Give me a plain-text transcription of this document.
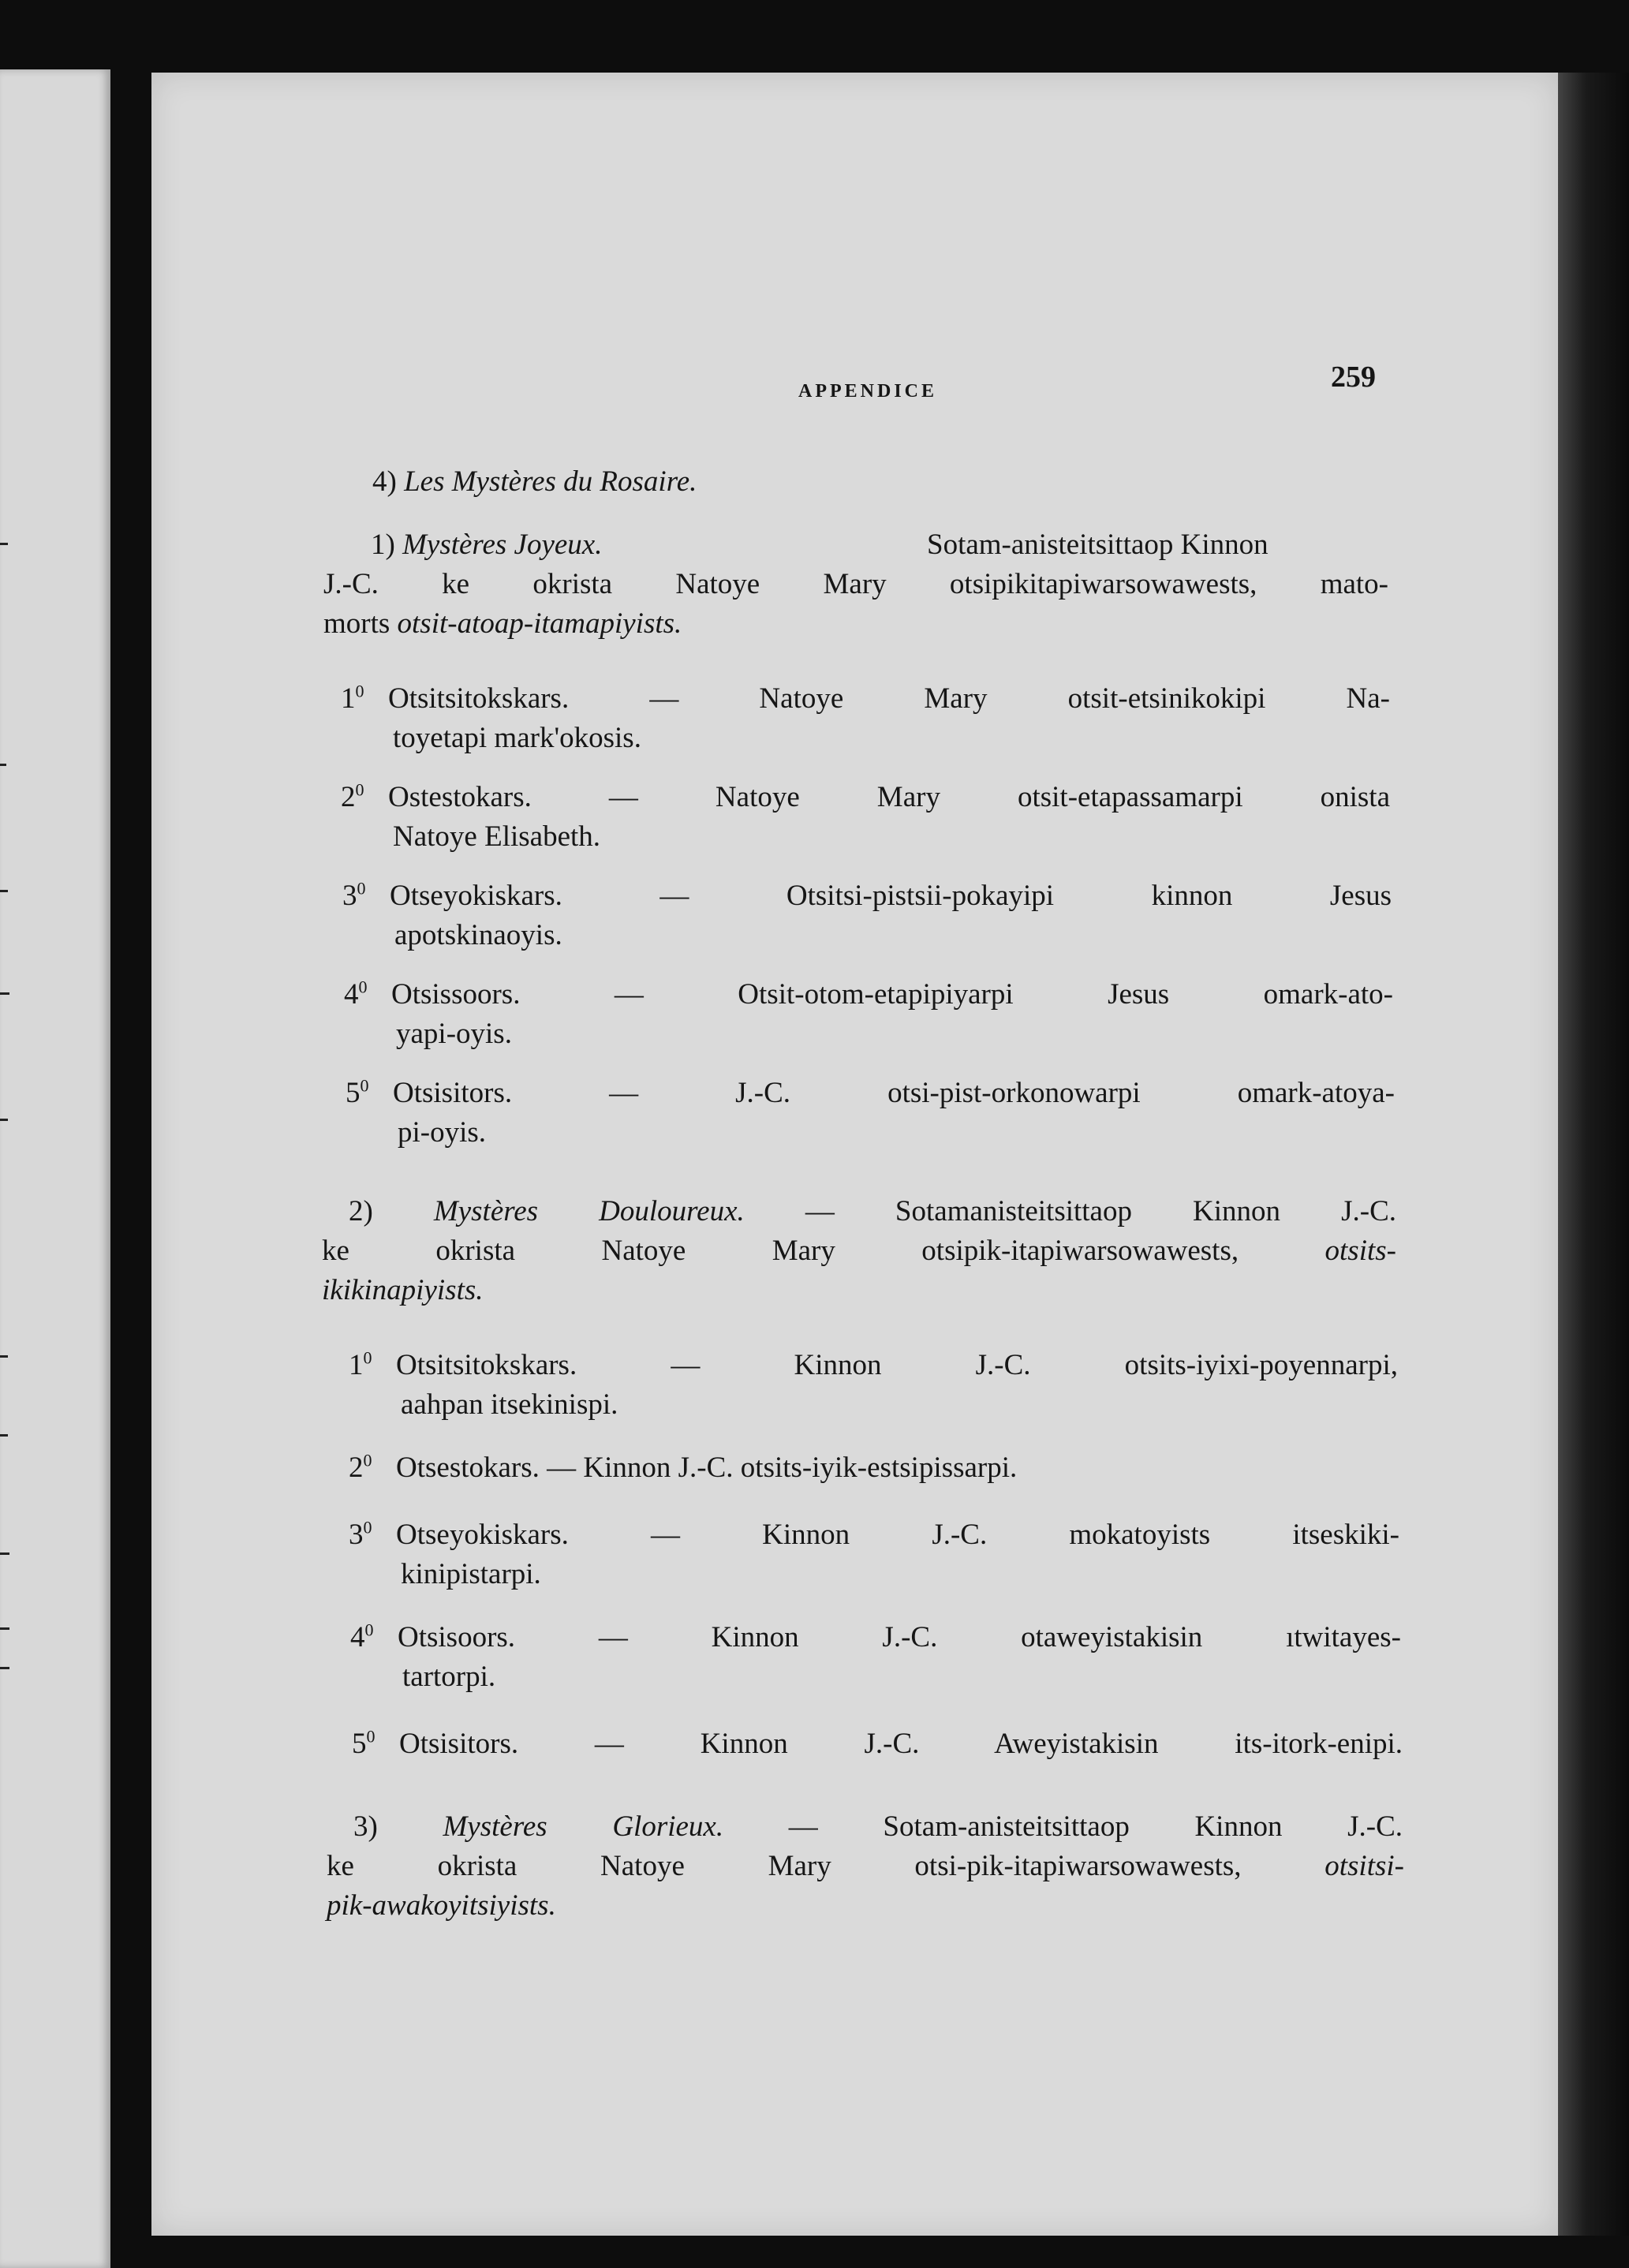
APPENDICE	259
4) Les Mystères du Rosaire.
1) Mystères Joyeux.	Sotam-anisteitsittaop Kinnon
J.-C. ke okrista Natoye Mary otsipikitapiwarsowawests, mato-
morts otsit-atoap-itamapiyists.
$1^0$ Otsitsitokskars. — Natoye Mary otsit-etsinikokipi Na-
toyetapi mark'okosis.
$2^0$ Ostestokars. — Natoye Mary otsit-etapassamarpi onista
Natoye Elisabeth.
$3^0$ Otseyokiskars. — Otsitsi-pistsii-pokayipi kinnon Jesus
apotskinaoyis.
$4^0$ Otsissoors. — Otsit-otom-etapipiyarpi Jesus omark-ato-
yapi-oyis.
$5^0$ Otsisitors. — J.-C. otsi-pist-orkonowarpi omark-atoya-
pi-oyis.
2) Mystères Douloureux. — Sotamanisteitsittaop Kinnon J.-C.
ke okrista Natoye Mary otsipik-itapiwarsowawests,	otsits-
ikikinapiyists.
$1^0$ Otsitsitokskars. — Kinnon J.-C. otsits-iyixi-poyennarpi,
aahpan itsekinispi.
$2^0$ Otsestokars. — Kinnon J.-C. otsits-iyik-estsipissarpi.
$3^0$ Otseyokiskars. — Kinnon J.-C. mokatoyists itseskiki-
kinipistarpi.
$4^0$ Otsisoors. — Kinnon J.-C. otaweyistakisin ıtwitayes-
tartorpi.
$5^0$ Otsisitors. — Kinnon J.-C. Aweyistakisin its-itork-enipi.
3) Mystères Glorieux. — Sotam-anisteitsittaop Kinnon J.-C.
ke okrista Natoye Mary otsi-pik-itapiwarsowawests,	otsitsi-
pik-awakoyitsiyists.
